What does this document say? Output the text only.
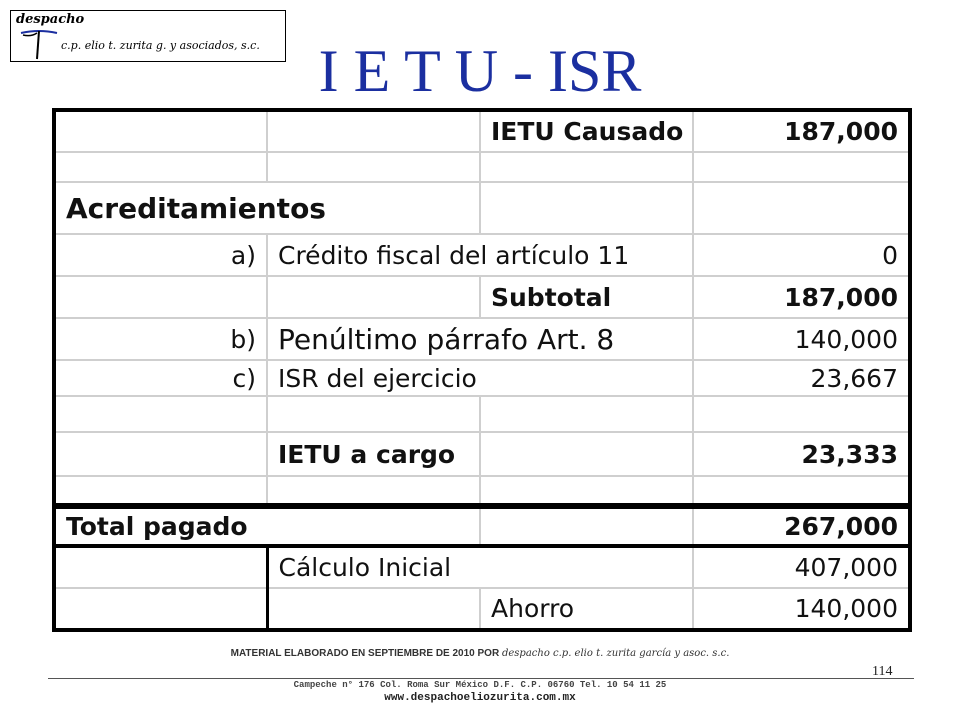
despacho
c.p. elio t. zurita g. y asociados, s.c. I E T U - ISR
		IETU Causado	187,000

Acreditamientos			
a)	Crédito fiscal del artículo 11		0
		Subtotal	187,000
b)	Penúltimo párrafo Art. 8		140,000
c)	ISR del ejercicio		23,667

	IETU a cargo		23,333

Total pagado			267,000
	Cálculo Inicial		407,000
		Ahorro	140,000
MATERIAL ELABORADO EN SEPTIEMBRE DE 2010 POR despacho c.p. elio t. zurita garcía y asoc. s.c.
114
Campeche n° 176 Col. Roma Sur México D.F. C.P. 06760 Tel. 10 54 11 25
www.despachoeliozurita.com.mx
